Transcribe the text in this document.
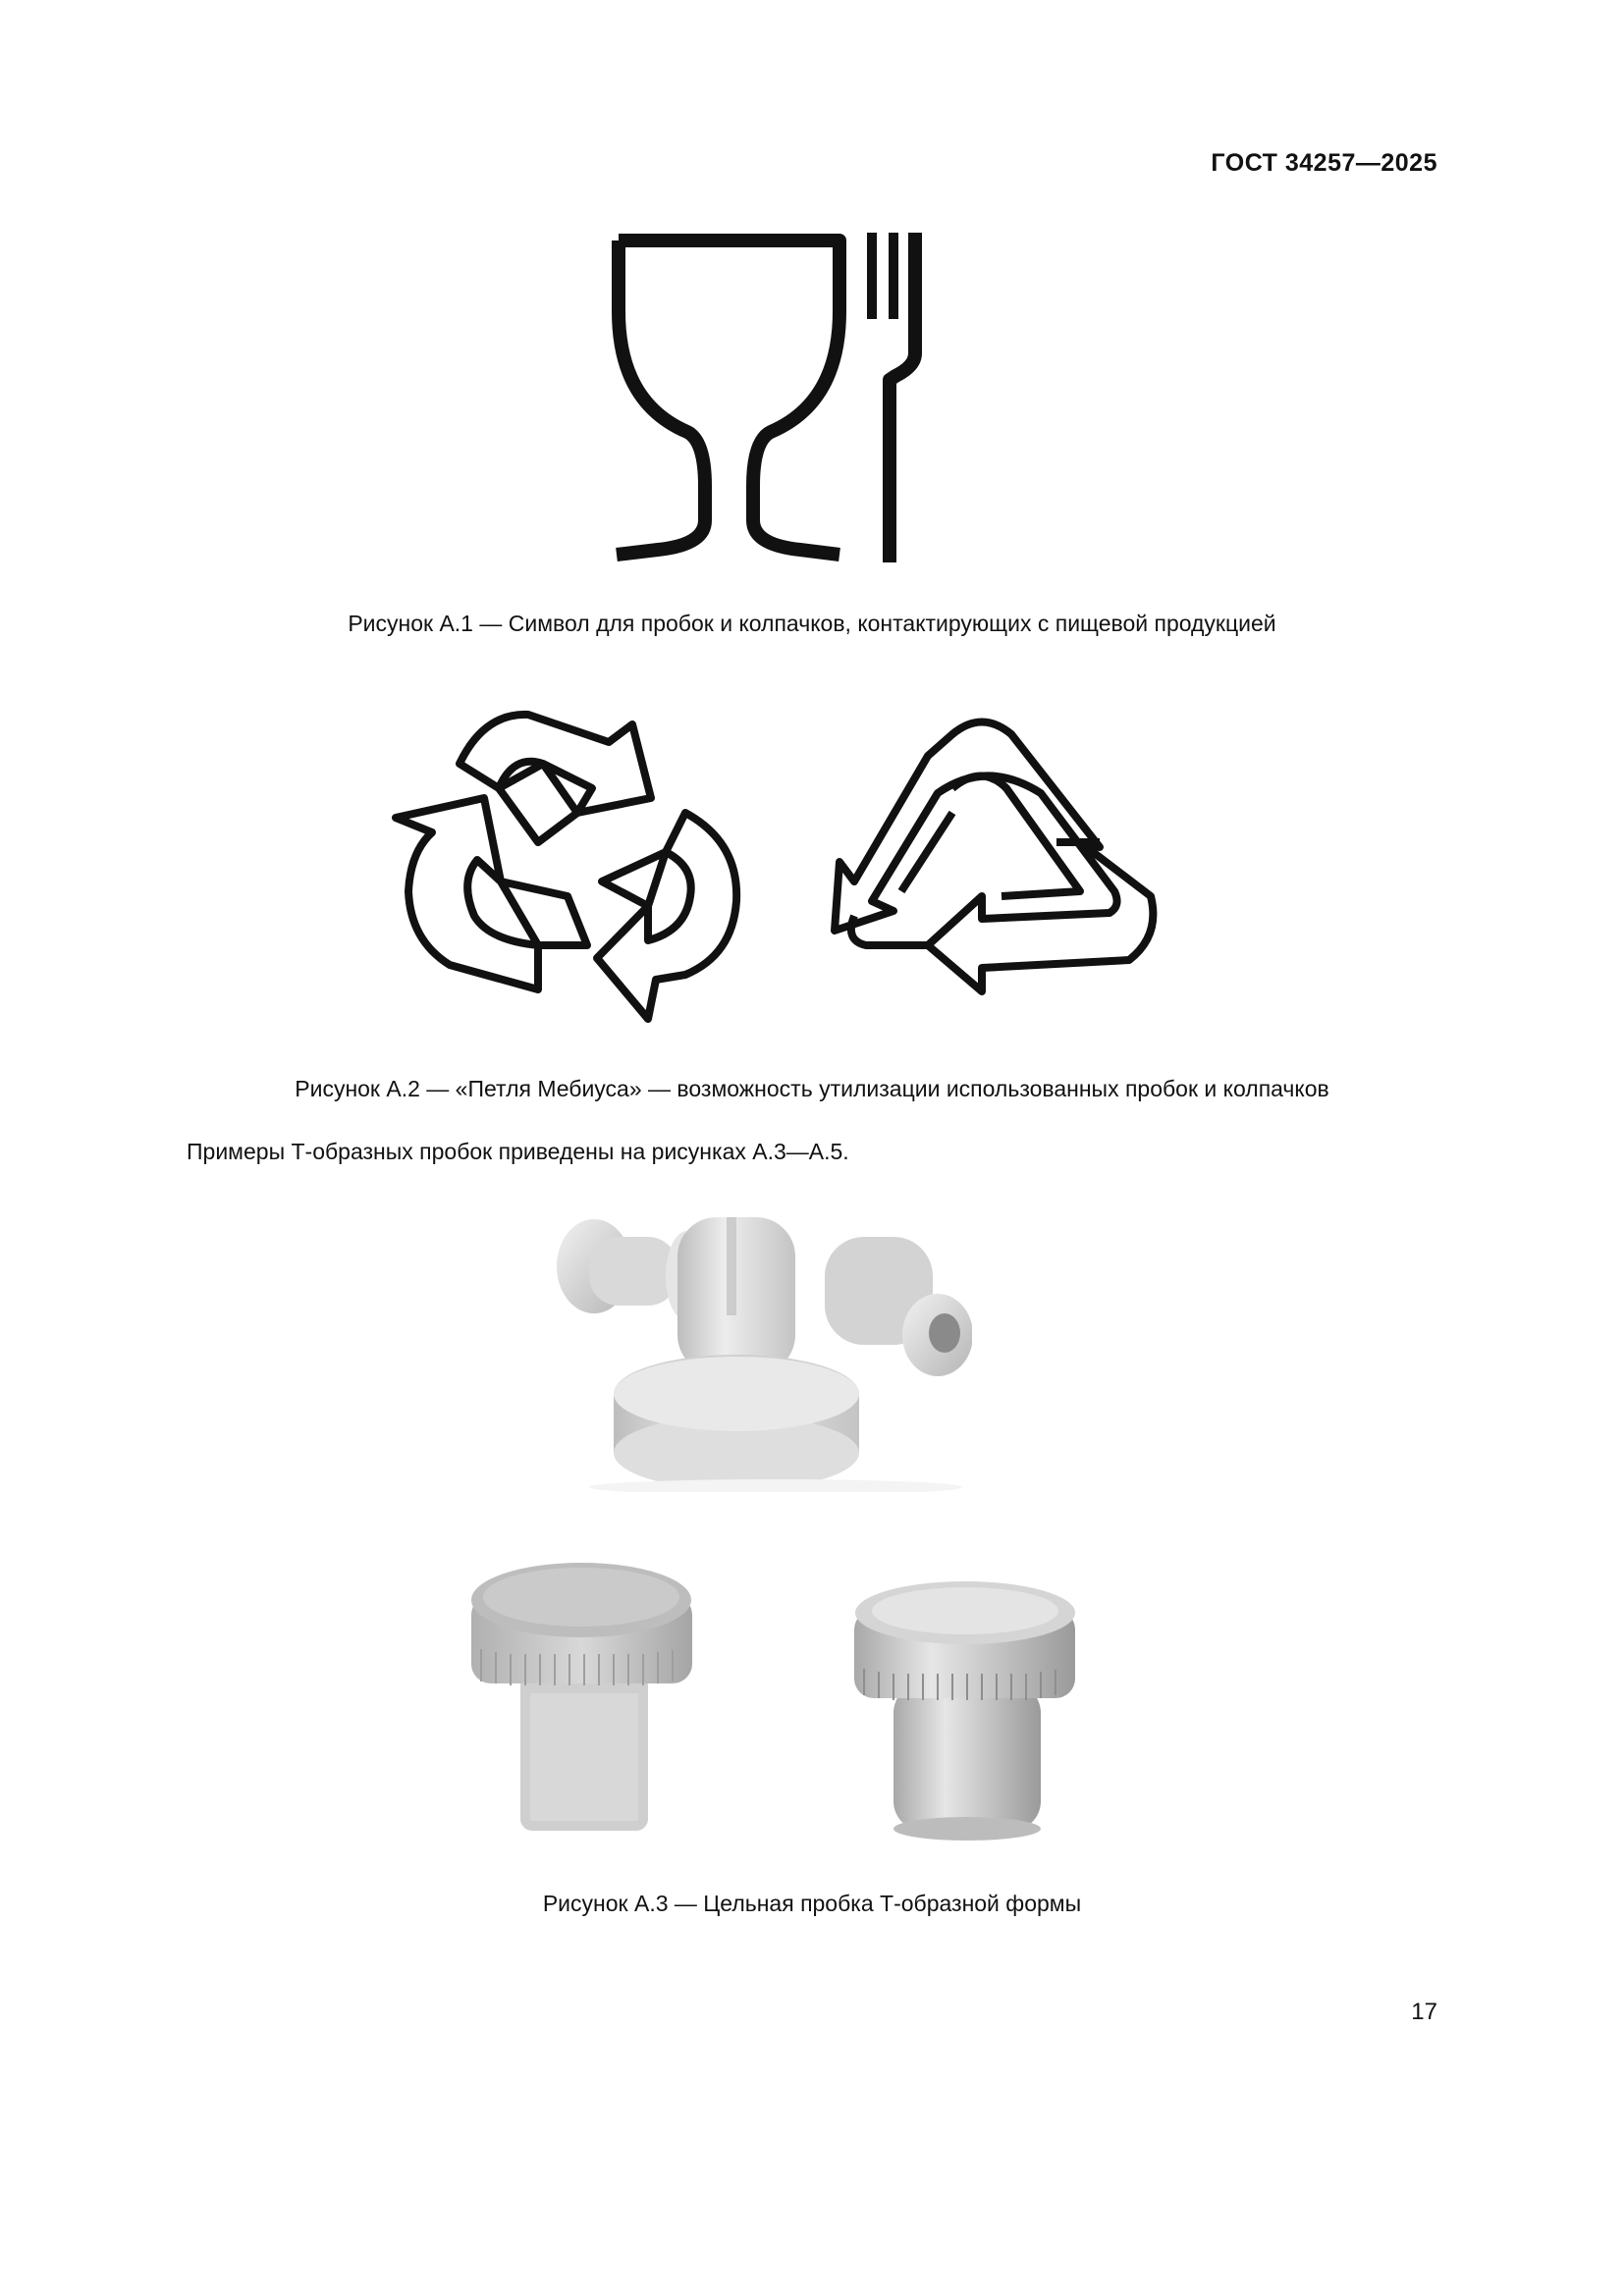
ГОСТ 34257—2025
Рисунок А.1 — Символ для пробок и колпачков, контактирующих с пищевой продукцией
Рисунок А.2 — «Петля Мебиуса» — возможность утилизации использованных пробок и колпачков
Примеры Т-образных пробок приведены на рисунках А.3—А.5.
Рисунок А.3 — Цельная пробка Т-образной формы
17
